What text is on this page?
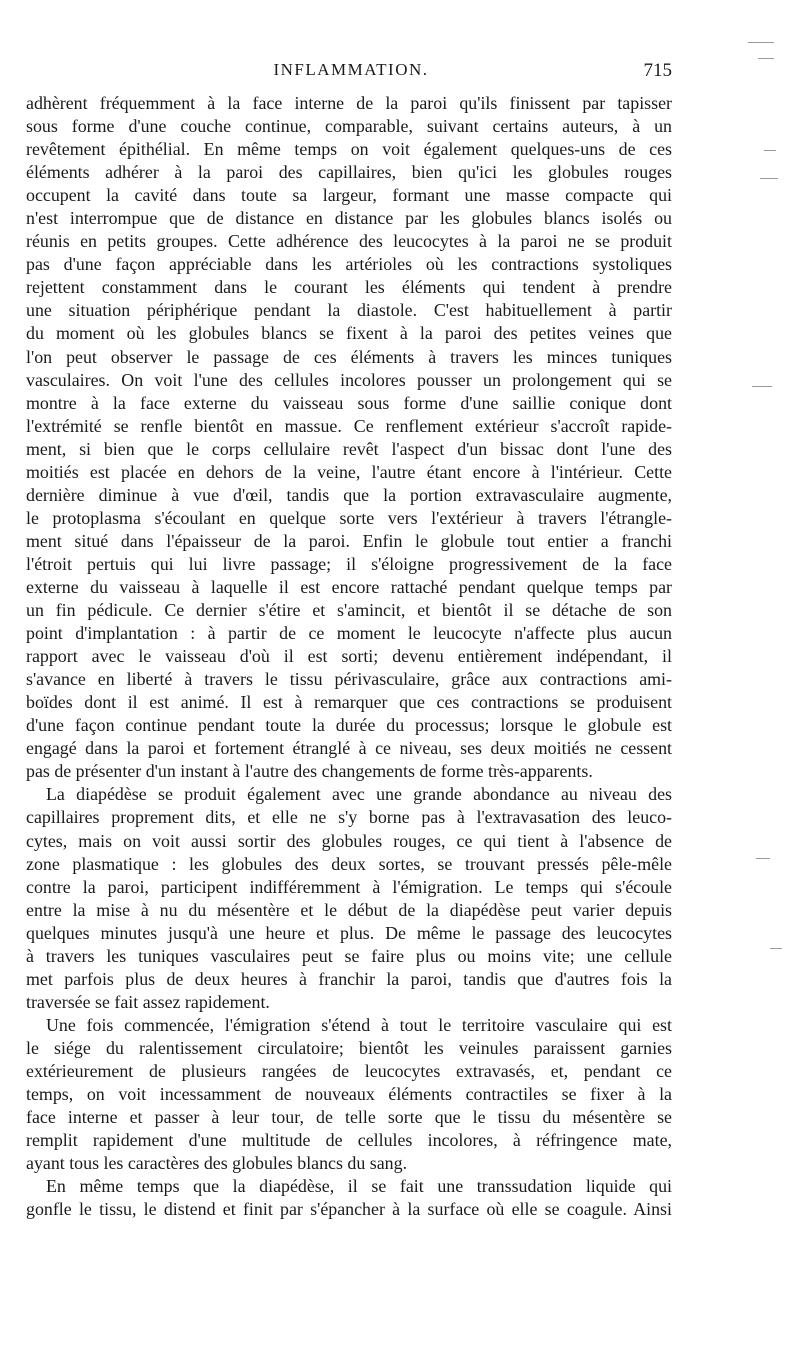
INFLAMMATION.	715
adhèrent fréquemment à la face interne de la paroi qu'ils finissent par tapisser
sous forme d'une couche continue, comparable, suivant certains auteurs, à un
revêtement épithélial. En même temps on voit également quelques-uns de ces
éléments adhérer à la paroi des capillaires, bien qu'ici les globules rouges
occupent la cavité dans toute sa largeur, formant une masse compacte qui
n'est interrompue que de distance en distance par les globules blancs isolés ou
réunis en petits groupes. Cette adhérence des leucocytes à la paroi ne se produit
pas d'une façon appréciable dans les artérioles où les contractions systoliques
rejettent constamment dans le courant les éléments qui tendent à prendre
une situation périphérique pendant la diastole. C'est habituellement à partir
du moment où les globules blancs se fixent à la paroi des petites veines que
l'on peut observer le passage de ces éléments à travers les minces tuniques
vasculaires. On voit l'une des cellules incolores pousser un prolongement qui se
montre à la face externe du vaisseau sous forme d'une saillie conique dont
l'extrémité se renfle bientôt en massue. Ce renflement extérieur s'accroît rapide-
ment, si bien que le corps cellulaire revêt l'aspect d'un bissac dont l'une des
moitiés est placée en dehors de la veine, l'autre étant encore à l'intérieur. Cette
dernière diminue à vue d'œil, tandis que la portion extravasculaire augmente,
le protoplasma s'écoulant en quelque sorte vers l'extérieur à travers l'étrangle-
ment situé dans l'épaisseur de la paroi. Enfin le globule tout entier a franchi
l'étroit pertuis qui lui livre passage; il s'éloigne progressivement de la face
externe du vaisseau à laquelle il est encore rattaché pendant quelque temps par
un fin pédicule. Ce dernier s'étire et s'amincit, et bientôt il se détache de son
point d'implantation : à partir de ce moment le leucocyte n'affecte plus aucun
rapport avec le vaisseau d'où il est sorti; devenu entièrement indépendant, il
s'avance en liberté à travers le tissu périvasculaire, grâce aux contractions ami-
boïdes dont il est animé. Il est à remarquer que ces contractions se produisent
d'une façon continue pendant toute la durée du processus; lorsque le globule est
engagé dans la paroi et fortement étranglé à ce niveau, ses deux moitiés ne cessent
pas de présenter d'un instant à l'autre des changements de forme très-apparents.
La diapédèse se produit également avec une grande abondance au niveau des
capillaires proprement dits, et elle ne s'y borne pas à l'extravasation des leuco-
cytes, mais on voit aussi sortir des globules rouges, ce qui tient à l'absence de
zone plasmatique : les globules des deux sortes, se trouvant pressés pêle-mêle
contre la paroi, participent indifféremment à l'émigration. Le temps qui s'écoule
entre la mise à nu du mésentère et le début de la diapédèse peut varier depuis
quelques minutes jusqu'à une heure et plus. De même le passage des leucocytes
à travers les tuniques vasculaires peut se faire plus ou moins vite; une cellule
met parfois plus de deux heures à franchir la paroi, tandis que d'autres fois la
traversée se fait assez rapidement.
Une fois commencée, l'émigration s'étend à tout le territoire vasculaire qui est
le siége du ralentissement circulatoire; bientôt les veinules paraissent garnies
extérieurement de plusieurs rangées de leucocytes extravasés, et, pendant ce
temps, on voit incessamment de nouveaux éléments contractiles se fixer à la
face interne et passer à leur tour, de telle sorte que le tissu du mésentère se
remplit rapidement d'une multitude de cellules incolores, à réfringence mate,
ayant tous les caractères des globules blancs du sang.
En même temps que la diapédèse, il se fait une transsudation liquide qui
gonfle le tissu, le distend et finit par s'épancher à la surface où elle se coagule. Ainsi
